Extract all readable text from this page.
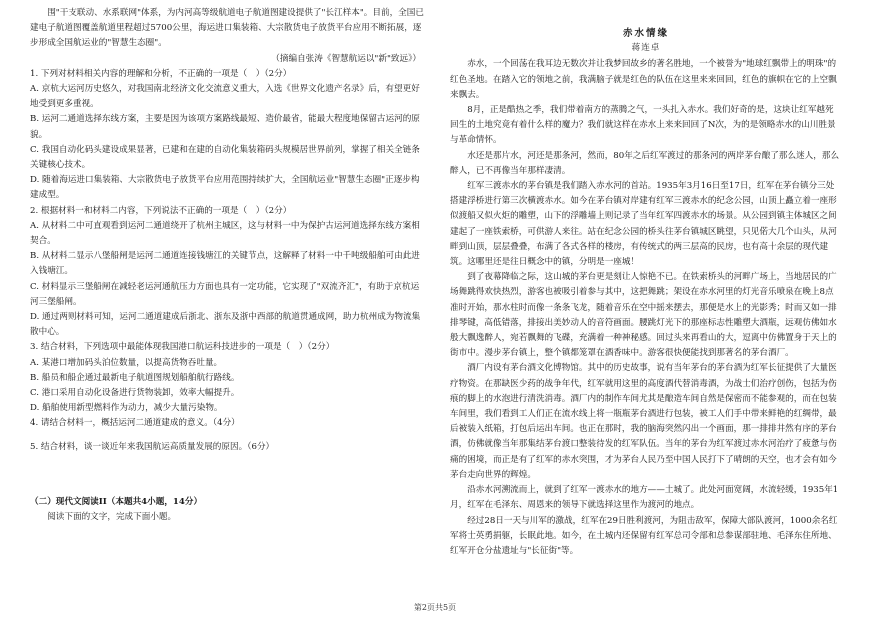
围"干支联动、水系联网"体系，为内河高等级航道电子航道图建设提供了"长江样本"。目前，全国已建电子航道图覆盖航道里程超过5700公里，海运进口集装箱、大宗散货电子放货平台应用不断拓展，逐步形成全国航运业的"智慧生态圈"。

（摘编自张涛《智慧航运以"新"致远》）

1. 下列对材料相关内容的理解和分析，不正确的一项是（　）（2分）

A. 京杭大运河历史悠久，对我国南北经济文化交流意义重大，入选《世界文化遗产名录》后，有望更好地受到更多重视。

B. 运河二通道选择东线方案，主要是因为该项方案路线最短、造价最省，能最大程度地保留古运河的原貌。

C. 我国自动化码头建设成果显著，已建和在建的自动化集装箱码头规模居世界前列，掌握了相关全链条关键核心技术。

D. 随着海运进口集装箱、大宗散货电子放货平台应用范围持续扩大，全国航运业"智慧生态圈"正逐步构建成型。

2. 根据材料一和材料二内容，下列说法不正确的一项是（　）（2分）

A. 从材料二中可直观看到运河二通道绕开了杭州主城区，这与材料一中为保护古运河道选择东线方案相契合。

B. 从材料二显示八堡船闸是运河二通道连接钱塘江的关键节点，这解释了材料一中千吨级船舶可由此进入钱塘江。

C. 材料显示三堡船闸在减轻老运河通航压力方面也具有一定功能，它实现了"双流齐汇"，有助于京杭运河三堡船闸。

D. 通过两则材料可知，运河二通道建成后浙北、浙东及浙中西部的航道贯通成网，助力杭州成为物流集散中心。

3. 结合材料，下列选项中最能体现我国港口航运科技进步的一项是（　）（2分）

A. 某港口增加码头泊位数量，以提高货物吞吐量。

B. 船员和船企通过最新电子航道图规划船舶航行路线。

C. 港口采用自动化设备进行货物装卸，效率大幅提升。

D. 船舶使用新型燃料作为动力，减少大量污染物。

4. 请结合材料一，概括运河二通道建成的意义。（4分）

5. 结合材料，谈一谈近年来我国航运高质量发展的原因。（6分）

（二）现代文阅读II（本题共4小题，14分）

阅读下面的文字，完成下面小题。

赤水情缘

蒋连卓

赤水，一个回荡在我耳边无数次并让我梦回故乡的著名胜地，一个被誉为"地球红飘带上的明珠"的红色圣地。在踏入它的领地之前，我满脑子就是红色的队伍在这里来来回回，红色的旗帜在它的上空飘来飘去。

8月，正是酷热之季，我们带着南方的蒸腾之气，一头扎入赤水。我们好奇的是，这块让红军越死回生的土地究竟有着什么样的魔力？我们就这样在赤水上来来回回了N次，为的是领略赤水的山川胜景与革命情怀。

水还是那片水，河还是那条河，然而，80年之后红军渡过的那条河的两岸茅台酿了那么迷人，那么醉人，已不再像当年那样凄清。

红军三渡赤水的茅台镇是我们踏入赤水河的首站。1935年3月16日至17日，红军在茅台镇分三处搭建浮桥进行第三次横渡赤水。如今在茅台镇对岸建有红军三渡赤水的纪念公园，山顶上矗立着一座形似渡船又似火炬的雕塑，山下的浮雕墙上则记录了当年红军四渡赤水的场景。从公园到镇主体城区之间建起了一座铁索桥，可供游人来往。站在纪念公园的桥头往茅台镇城区眺望，只见偌大几个山头，从河畔到山顶，层层叠叠，布满了各式各样的楼房，有传统式的两三层高的民房，也有高十余层的现代建筑。这哪里还是往日概念中的镇，分明是一座城！

到了夜幕降临之际，这山城的茅台更是刻让人惊艳不已。在铁索桥头的河畔广场上，当地居民的广场舞跳得欢快热烈，游客也被吸引着参与其中，这把舞跳；架设在赤水河里的灯光音乐喷泉在晚上8点准时开始，那水柱时而像一条条飞龙，随着音乐在空中摇来摆去，那便是水上的光影秀；时而又如一排排琴键，高低错落，排接出美妙动人的音符画面。腰跳灯光下的那座标志性雕塑大酒瓶，远观仿佛如水般大飘逸醉人，宛若飘舞的飞碟，充满着一种神秘感。回过头来再看山的大，逗离中仿佛置身于天上的街市中。漫步茅台镇上，整个镇都笼罩在酒香味中。游客很快便能找到那著名的茅台酒厂。

酒厂内设有茅台酒文化博物馆。其中的历史故事，说有当年茅台的茅台酒为红军长征提供了大量医疗物资。在那缺医少药的战争年代，红军就用这里的高度酒代替消毒酒，为战士们治疗创伤，包括为伤痕的脚上的水泡进行清洗消毒。酒厂内的制作车间尤其是酿造车间自然是保密而不能参观的，而在包装车间里，我们看到工人们正在流水线上将一瓶瓶茅台酒进行包装，被工人们手中带来鲜艳的红绸带，最后被装入纸箱，打包后运出车间。也正在那时，我的脑海突然闪出一个画面，那一排排井然有序的茅台酒，仿佛就像当年那集结茅台渡口整装待发的红军队伍。当年的茅台为红军渡过赤水河治疗了疲惫与伤痛的困境，而正是有了红军的赤水突围，才为茅台人民乃至中国人民打下了晴朗的天空，也才会有如今茅台走向世界的辉煌。

沿赤水河溯流而上，就到了红军一渡赤水的地方——土城了。此处河面宽阔，水流轻缓，1935年1月，红军在毛泽东、周恩来的领导下就选择这里作为渡河的地点。

经过28日一天与川军的激战，红军在29日胜利渡河，为阻击敌军，保障大部队渡河，1000余名红军将士英勇捐躯，长眠此地。如今，在土城内还保留有红军总司令部和总参谋部驻地、毛泽东住所地、红军开仓分盐遗址与"长征街"等。

第2页共5页
